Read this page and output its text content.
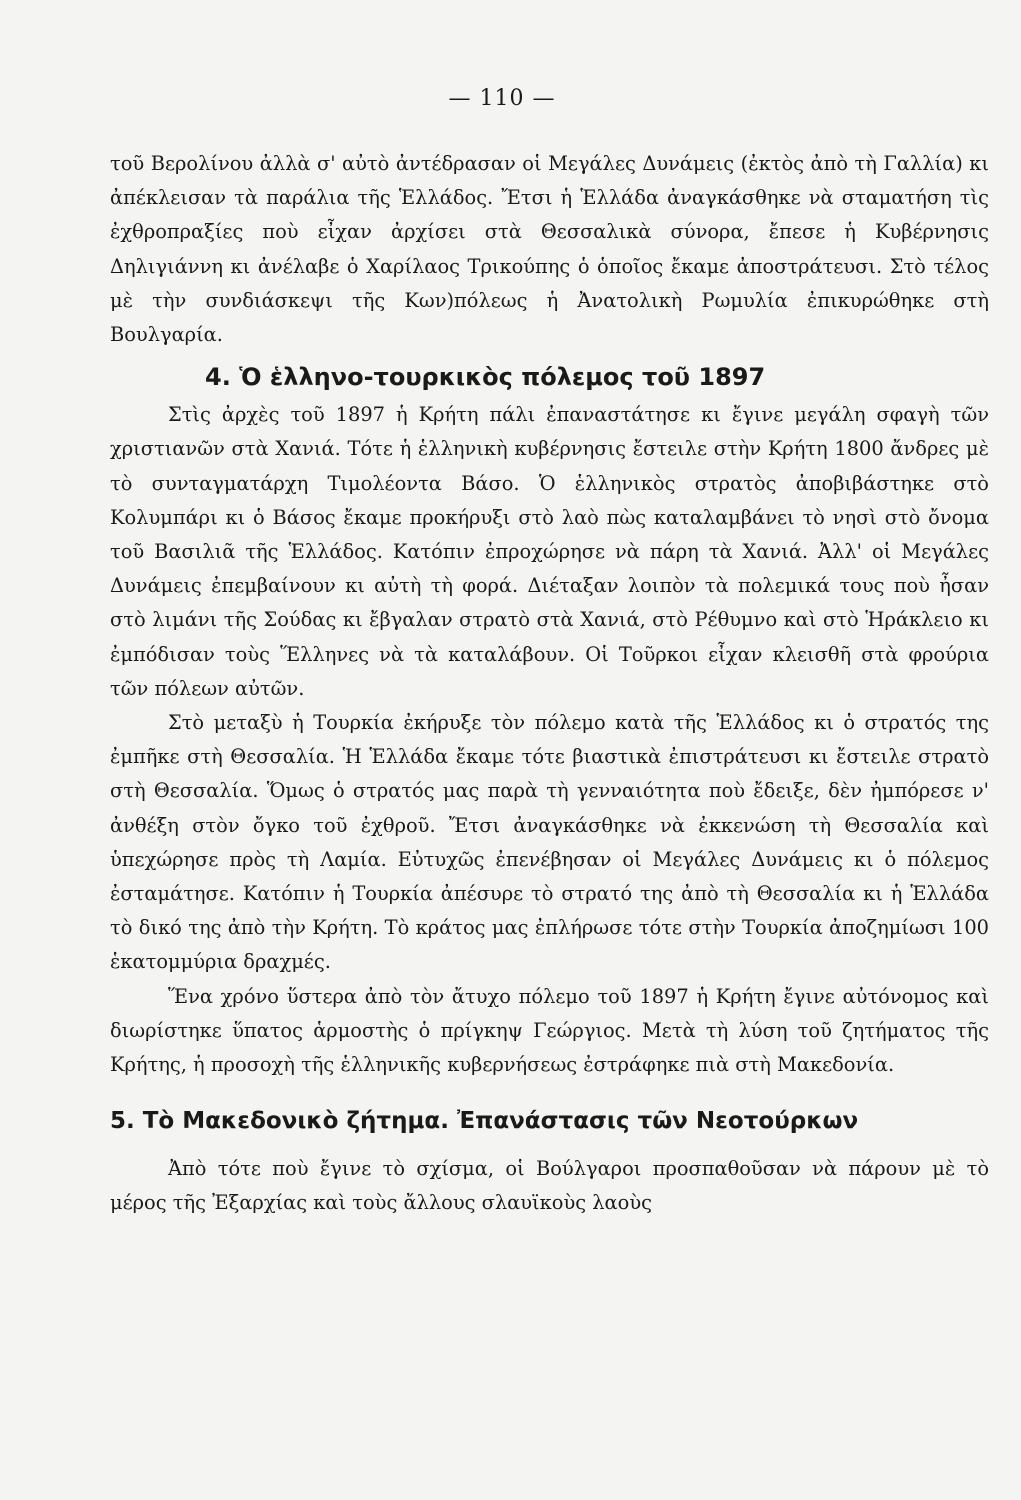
— 110 —

τοῦ Βερολίνου ἀλλὰ σ' αὐτὸ ἀντέδρασαν οἱ Μεγάλες Δυνάμεις (ἐκτὸς ἀπὸ τὴ Γαλλία) κι ἀπέκλεισαν τὰ παράλια τῆς Ἑλλάδος. Ἔτσι ἡ Ἑλλάδα ἀναγκάσθηκε νὰ σταματήση τὶς ἐχθροπραξίες ποὺ εἶχαν ἀρχίσει στὰ Θεσσαλικὰ σύνορα, ἔπεσε ἡ Κυβέρνησις Δηλιγιάννη κι ἀνέλαβε ὁ Χαρίλαος Τρικούπης ὁ ὁποῖος ἔκαμε ἀποστράτευσι. Στὸ τέλος μὲ τὴν συνδιάσκεψι τῆς Κων)πόλεως ἡ Ἀνατολικὴ Ρωμυλία ἐπικυρώθηκε στὴ Βουλγαρία.

4. Ὁ ἑλληνο-τουρκικὸς πόλεμος τοῦ 1897

Στὶς ἀρχὲς τοῦ 1897 ἡ Κρήτη πάλι ἐπαναστάτησε κι ἔγινε μεγάλη σφαγὴ τῶν χριστιανῶν στὰ Χανιά. Τότε ἡ ἑλληνικὴ κυβέρνησις ἔστειλε στὴν Κρήτη 1800 ἄνδρες μὲ τὸ συνταγματάρχη Τιμολέοντα Βάσο. Ὁ ἑλληνικὸς στρατὸς ἀποβιβάστηκε στὸ Κολυμπάρι κι ὁ Βάσος ἔκαμε προκήρυξι στὸ λαὸ πὼς καταλαμβάνει τὸ νησὶ στὸ ὄνομα τοῦ Βασιλιᾶ τῆς Ἑλλάδος. Κατόπιν ἐπροχώρησε νὰ πάρη τὰ Χανιά. Ἀλλ' οἱ Μεγάλες Δυνάμεις ἐπεμβαίνουν κι αὐτὴ τὴ φορά. Διέταξαν λοιπὸν τὰ πολεμικά τους ποὺ ἦσαν στὸ λιμάνι τῆς Σούδας κι ἔβγαλαν στρατὸ στὰ Χανιά, στὸ Ρέθυμνο καὶ στὸ Ἡράκλειο κι ἐμπόδισαν τοὺς Ἕλληνες νὰ τὰ καταλάβουν. Οἱ Τοῦρκοι εἶχαν κλεισθῆ στὰ φρούρια τῶν πόλεων αὐτῶν.

Στὸ μεταξὺ ἡ Τουρκία ἐκήρυξε τὸν πόλεμο κατὰ τῆς Ἑλλάδος κι ὁ στρατός της ἐμπῆκε στὴ Θεσσαλία. Ἡ Ἑλλάδα ἔκαμε τότε βιαστικὰ ἐπιστράτευσι κι ἔστειλε στρατὸ στὴ Θεσσαλία. Ὅμως ὁ στρατός μας παρὰ τὴ γενναιότητα ποὺ ἔδειξε, δὲν ἠμπόρεσε ν' ἀνθέξη στὸν ὄγκο τοῦ ἐχθροῦ. Ἔτσι ἀναγκάσθηκε νὰ ἐκκενώση τὴ Θεσσαλία καὶ ὑπεχώρησε πρὸς τὴ Λαμία. Εὐτυχῶς ἐπενέβησαν οἱ Μεγάλες Δυνάμεις κι ὁ πόλεμος ἐσταμάτησε. Κατόπιν ἡ Τουρκία ἀπέσυρε τὸ στρατό της ἀπὸ τὴ Θεσσαλία κι ἡ Ἑλλάδα τὸ δικό της ἀπὸ τὴν Κρήτη. Τὸ κράτος μας ἐπλήρωσε τότε στὴν Τουρκία ἀποζημίωσι 100 ἑκατομμύρια δραχμές.

Ἕνα χρόνο ὕστερα ἀπὸ τὸν ἄτυχο πόλεμο τοῦ 1897 ἡ Κρήτη ἔγινε αὐτόνομος καὶ διωρίστηκε ὕπατος ἁρμοστὴς ὁ πρίγκηψ Γεώργιος. Μετὰ τὴ λύση τοῦ ζητήματος τῆς Κρήτης, ἡ προσοχὴ τῆς ἑλληνικῆς κυβερνήσεως ἐστράφηκε πιὰ στὴ Μακεδονία.

5. Τὸ Μακεδονικὸ ζήτημα. Ἐπανάστασις τῶν Νεοτούρκων

Ἀπὸ τότε ποὺ ἔγινε τὸ σχίσμα, οἱ Βούλγαροι προσπαθοῦσαν νὰ πάρουν μὲ τὸ μέρος τῆς Ἐξαρχίας καὶ τοὺς ἄλλους σλαυϊκοὺς λαοὺς
